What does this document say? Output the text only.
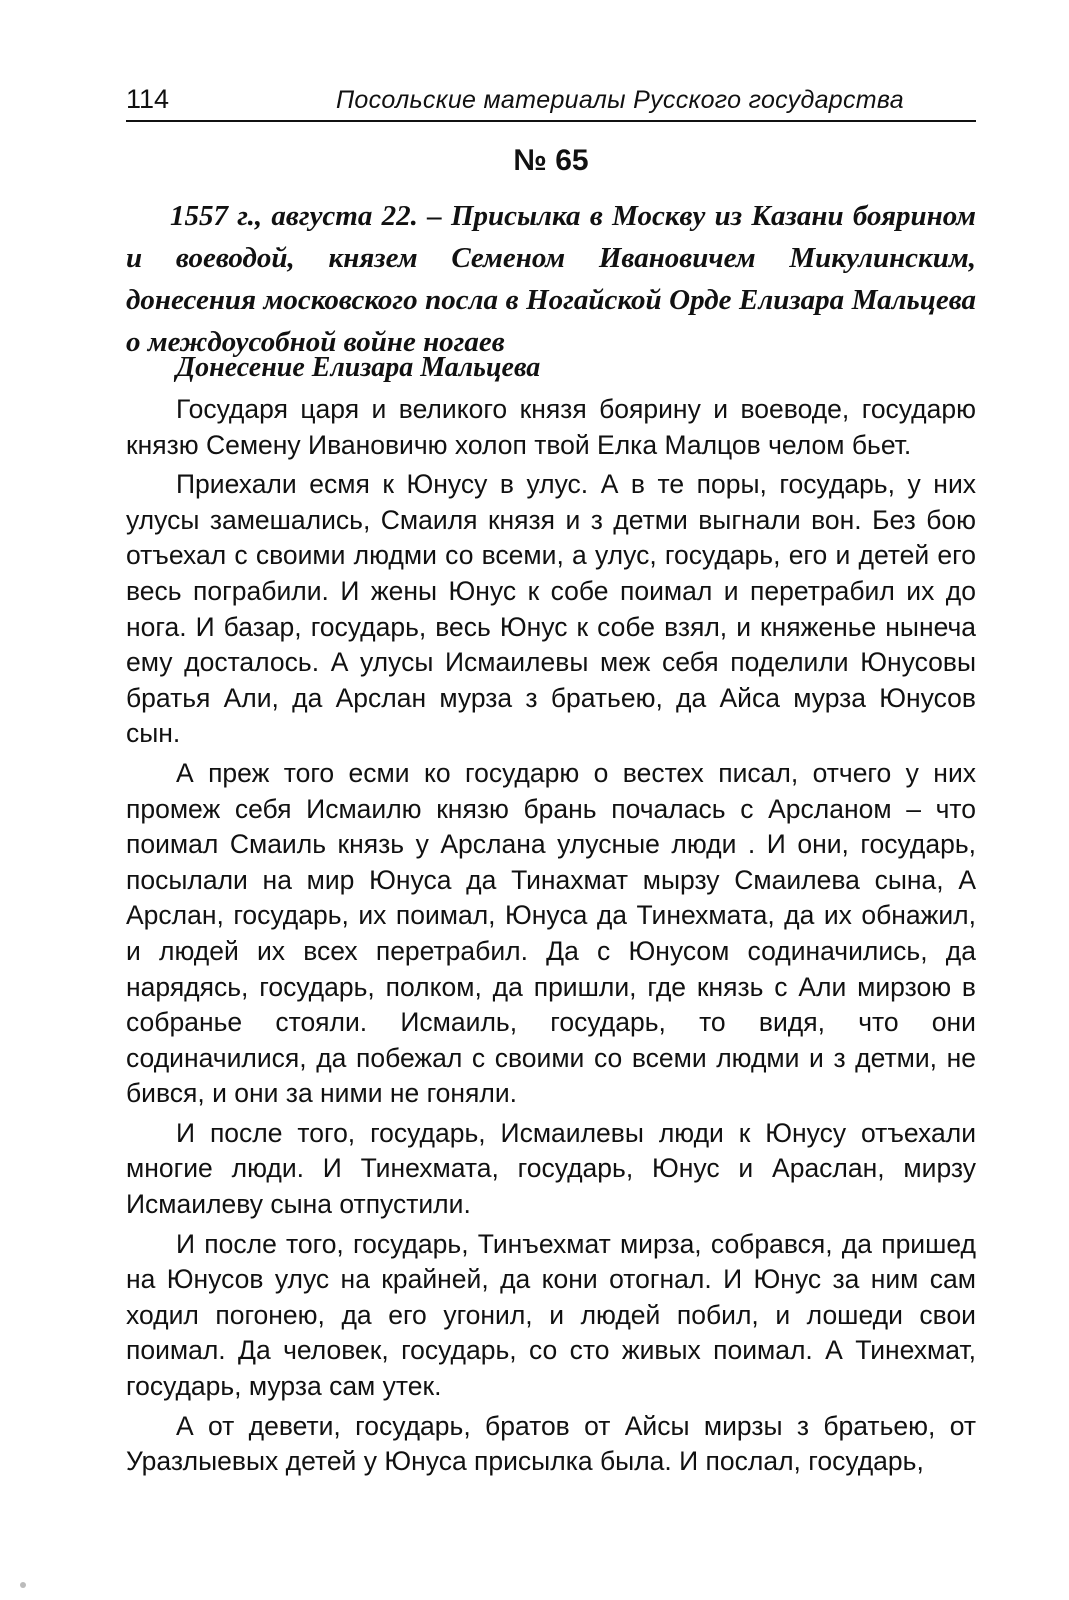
114	Посольские материалы Русского государства
№ 65
1557 г., августа 22. – Присылка в Москву из Казани боярином и воеводой, князем Семеном Ивановичем Микулинским, донесения московского посла в Ногайской Орде Елизара Мальцева о междоусобной войне ногаев
Донесение Елизара Мальцева

Государя царя и великого князя боярину и воеводе, государю князю Семену Ивановичю холоп твой Елка Малцов челом бьет.

Приехали есмя к Юнусу в улус. А в те поры, государь, у них улусы замешались, Смаиля князя и з детми выгнали вон. Без бою отъехал с своими людми со всеми, а улус, государь, его и детей его весь пограбили. И жены Юнус к собе поимал и перетрабил их до нога. И базар, государь, весь Юнус к собе взял, и княженье нынеча ему досталось. А улусы Исмаилевы меж себя поделили Юнусовы братья Али, да Арслан мурза з братьею, да Айса мурза Юнусов сын.

А преж того есми ко государю о вестех писал, отчего у них промеж себя Исмаилю князю брань почалась с Арсланом – что поимал Смаиль князь у Арслана улусные люди . И они, государь, посылали на мир Юнуса да Тинахмат мырзу Смаилева сына, А Арслан, государь, их поимал, Юнуса да Тинехмата, да их обнажил, и людей их всех перетрабил. Да с Юнусом содиначились, да нарядясь, государь, полком, да пришли, где князь с Али мирзою в собранье стояли. Исмаиль, государь, то видя, что они содиначилися, да побежал с своими со всеми людми и з детми, не бився, и они за ними не гоняли.

И после того, государь, Исмаилевы люди к Юнусу отъехали многие люди. И Тинехмата, государь, Юнус и Араслан, мирзу Исмаилеву сына отпустили.

И после того, государь, Тинъехмат мирза, собрався, да пришед на Юнусов улус на крайней, да кони отогнал. И Юнус за ним сам ходил погонею, да его угонил, и людей побил, и лошеди свои поимал. Да человек, государь, со сто живых поимал. А Тинехмат, государь, мурза сам утек.

А от девети, государь, братов от Айсы мирзы з братьею, от Уразлыевых детей у Юнуса присылка была. И послал, государь,
